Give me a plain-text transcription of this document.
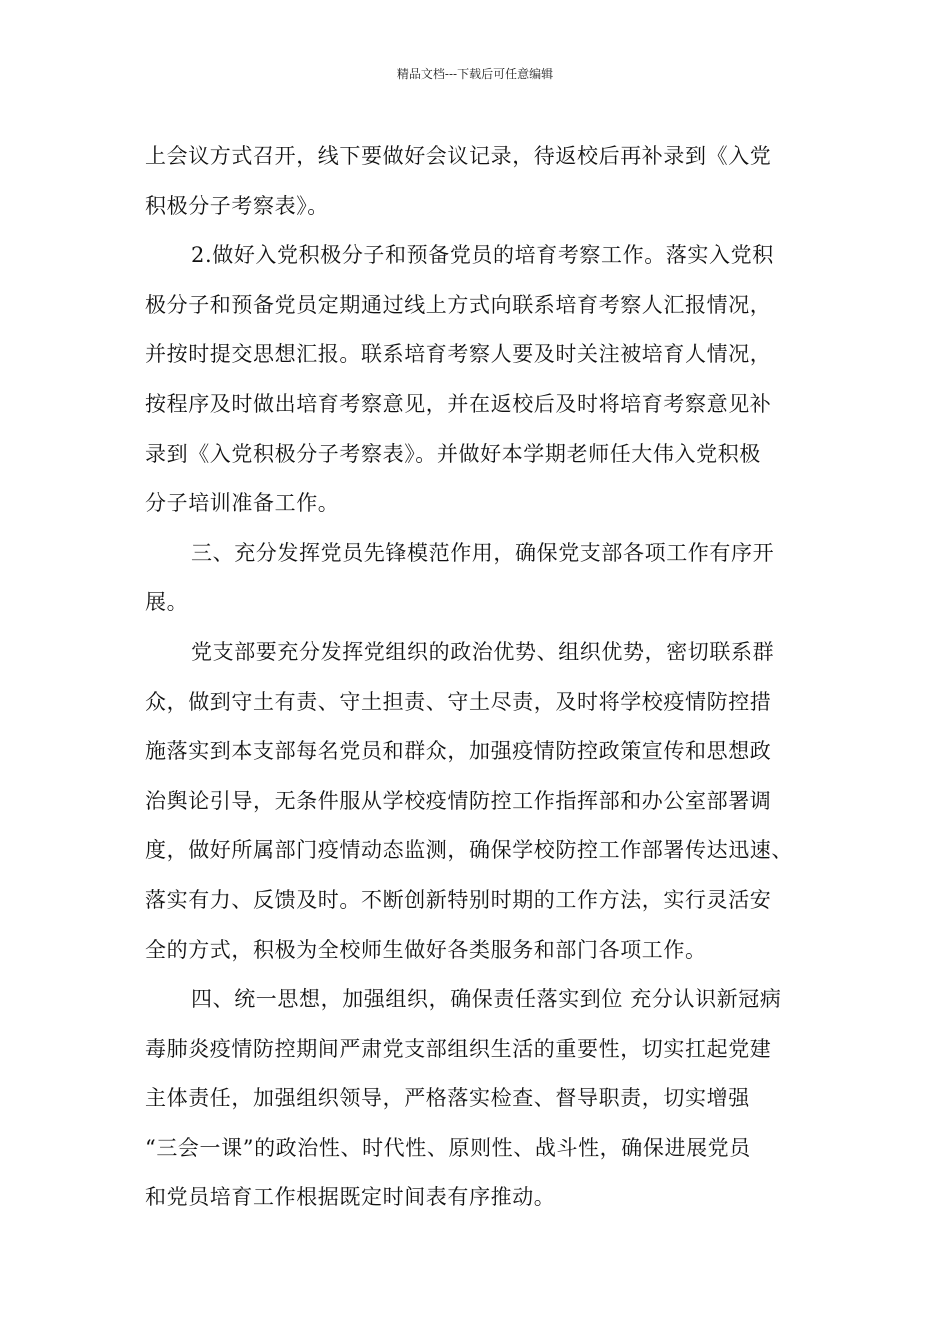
精品文档---下载后可任意编辑
上会议方式召开，线下要做好会议记录，待返校后再补录到《入党
积极分子考察表》。
2.做好入党积极分子和预备党员的培育考察工作。落实入党积
极分子和预备党员定期通过线上方式向联系培育考察人汇报情况，
并按时提交思想汇报。联系培育考察人要及时关注被培育人情况，
按程序及时做出培育考察意见，并在返校后及时将培育考察意见补
录到《入党积极分子考察表》。并做好本学期老师任大伟入党积极
分子培训准备工作。
三、充分发挥党员先锋模范作用，确保党支部各项工作有序开
展。
党支部要充分发挥党组织的政治优势、组织优势，密切联系群
众，做到守土有责、守土担责、守土尽责，及时将学校疫情防控措
施落实到本支部每名党员和群众，加强疫情防控政策宣传和思想政
治舆论引导，无条件服从学校疫情防控工作指挥部和办公室部署调
度，做好所属部门疫情动态监测，确保学校防控工作部署传达迅速、
落实有力、反馈及时。不断创新特别时期的工作方法，实行灵活安
全的方式，积极为全校师生做好各类服务和部门各项工作。
四、统一思想，加强组织，确保责任落实到位 充分认识新冠病
毒肺炎疫情防控期间严肃党支部组织生活的重要性，切实扛起党建
主体责任，加强组织领导，严格落实检查、督导职责，切实增强
“三会一课”的政治性、时代性、原则性、战斗性，确保进展党员
和党员培育工作根据既定时间表有序推动。
